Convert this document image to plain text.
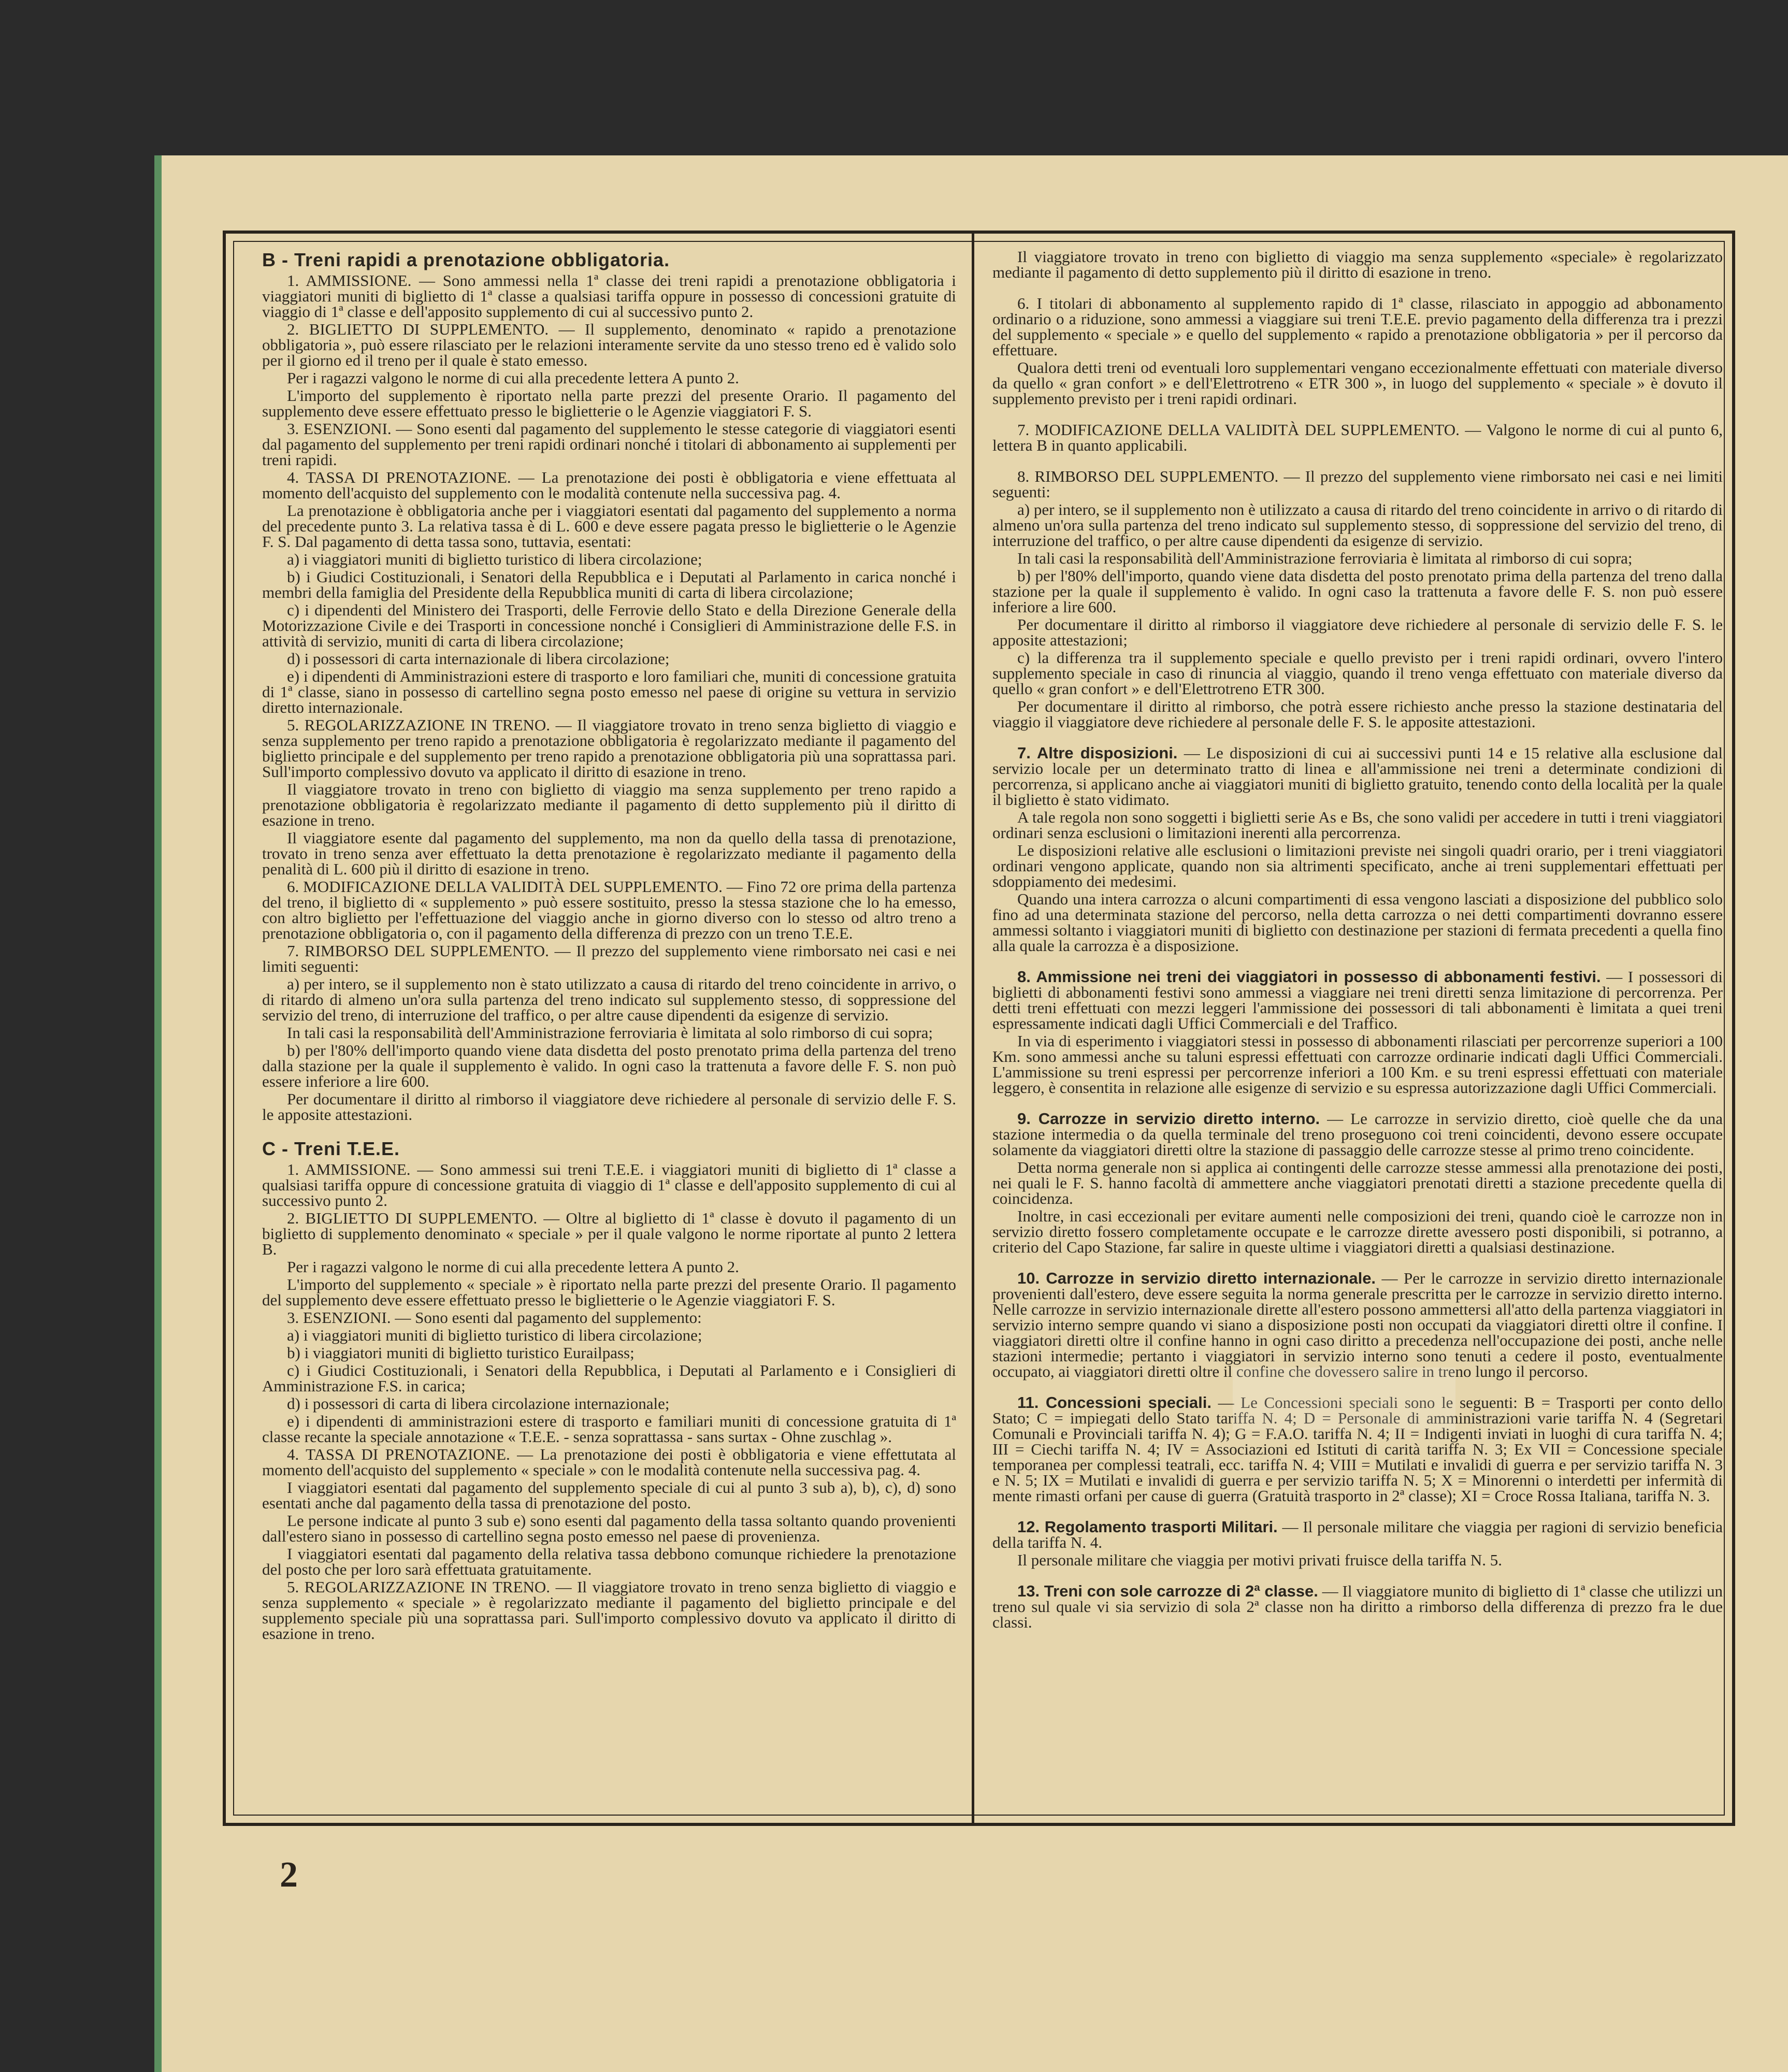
B - Treni rapidi a prenotazione obbligatoria.

1. AMMISSIONE. — Sono ammessi nella 1ª classe dei treni rapidi a prenotazione obbligatoria i viaggiatori muniti di biglietto di 1ª classe a qualsiasi tariffa oppure in possesso di concessioni gratuite di viaggio di 1ª classe e dell'apposito supplemento di cui al successivo punto 2.

2. BIGLIETTO DI SUPPLEMENTO. — Il supplemento, denominato « rapido a prenotazione obbligatoria », può essere rilasciato per le relazioni interamente servite da uno stesso treno ed è valido solo per il giorno ed il treno per il quale è stato emesso.

Per i ragazzi valgono le norme di cui alla precedente lettera A punto 2.

L'importo del supplemento è riportato nella parte prezzi del presente Orario. Il pagamento del supplemento deve essere effettuato presso le biglietterie o le Agenzie viaggiatori F. S.

3. ESENZIONI. — Sono esenti dal pagamento del supplemento le stesse categorie di viaggiatori esenti dal pagamento del supplemento per treni rapidi ordinari nonché i titolari di abbonamento ai supplementi per treni rapidi.

4. TASSA DI PRENOTAZIONE. — La prenotazione dei posti è obbligatoria e viene effettuata al momento dell'acquisto del supplemento con le modalità contenute nella successiva pag. 4.

La prenotazione è obbligatoria anche per i viaggiatori esentati dal pagamento del supplemento a norma del precedente punto 3. La relativa tassa è di L. 600 e deve essere pagata presso le biglietterie o le Agenzie F. S. Dal pagamento di detta tassa sono, tuttavia, esentati:

a) i viaggiatori muniti di biglietto turistico di libera circolazione;

b) i Giudici Costituzionali, i Senatori della Repubblica e i Deputati al Parlamento in carica nonché i membri della famiglia del Presidente della Repubblica muniti di carta di libera circolazione;

c) i dipendenti del Ministero dei Trasporti, delle Ferrovie dello Stato e della Direzione Generale della Motorizzazione Civile e dei Trasporti in concessione nonché i Consiglieri di Amministrazione delle F.S. in attività di servizio, muniti di carta di libera circolazione;

d) i possessori di carta internazionale di libera circolazione;

e) i dipendenti di Amministrazioni estere di trasporto e loro familiari che, muniti di concessione gratuita di 1ª classe, siano in possesso di cartellino segna posto emesso nel paese di origine su vettura in servizio diretto internazionale.

5. REGOLARIZZAZIONE IN TRENO. — Il viaggiatore trovato in treno senza biglietto di viaggio e senza supplemento per treno rapido a prenotazione obbligatoria è regolarizzato mediante il pagamento del biglietto principale e del supplemento per treno rapido a prenotazione obbligatoria più una soprattassa pari. Sull'importo complessivo dovuto va applicato il diritto di esazione in treno.

Il viaggiatore trovato in treno con biglietto di viaggio ma senza supplemento per treno rapido a prenotazione obbligatoria è regolarizzato mediante il pagamento di detto supplemento più il diritto di esazione in treno.

Il viaggiatore esente dal pagamento del supplemento, ma non da quello della tassa di prenotazione, trovato in treno senza aver effettuato la detta prenotazione è regolarizzato mediante il pagamento della penalità di L. 600 più il diritto di esazione in treno.

6. MODIFICAZIONE DELLA VALIDITÀ DEL SUPPLEMENTO. — Fino 72 ore prima della partenza del treno, il biglietto di « supplemento » può essere sostituito, presso la stessa stazione che lo ha emesso, con altro biglietto per l'effettuazione del viaggio anche in giorno diverso con lo stesso od altro treno a prenotazione obbligatoria o, con il pagamento della differenza di prezzo con un treno T.E.E.

7. RIMBORSO DEL SUPPLEMENTO. — Il prezzo del supplemento viene rimborsato nei casi e nei limiti seguenti:

a) per intero, se il supplemento non è stato utilizzato a causa di ritardo del treno coincidente in arrivo, o di ritardo di almeno un'ora sulla partenza del treno indicato sul supplemento stesso, di soppressione del servizio del treno, di interruzione del traffico, o per altre cause dipendenti da esigenze di servizio.

In tali casi la responsabilità dell'Amministrazione ferroviaria è limitata al solo rimborso di cui sopra;

b) per l'80% dell'importo quando viene data disdetta del posto prenotato prima della partenza del treno dalla stazione per la quale il supplemento è valido. In ogni caso la trattenuta a favore delle F. S. non può essere inferiore a lire 600.

Per documentare il diritto al rimborso il viaggiatore deve richiedere al personale di servizio delle F. S. le apposite attestazioni.

C - Treni T.E.E.

1. AMMISSIONE. — Sono ammessi sui treni T.E.E. i viaggiatori muniti di biglietto di 1ª classe a qualsiasi tariffa oppure di concessione gratuita di viaggio di 1ª classe e dell'apposito supplemento di cui al successivo punto 2.

2. BIGLIETTO DI SUPPLEMENTO. — Oltre al biglietto di 1ª classe è dovuto il pagamento di un biglietto di supplemento denominato « speciale » per il quale valgono le norme riportate al punto 2 lettera B.

Per i ragazzi valgono le norme di cui alla precedente lettera A punto 2.

L'importo del supplemento « speciale » è riportato nella parte prezzi del presente Orario. Il pagamento del supplemento deve essere effettuato presso le biglietterie o le Agenzie viaggiatori F. S.

3. ESENZIONI. — Sono esenti dal pagamento del supplemento:

a) i viaggiatori muniti di biglietto turistico di libera circolazione;

b) i viaggiatori muniti di biglietto turistico Eurailpass;

c) i Giudici Costituzionali, i Senatori della Repubblica, i Deputati al Parlamento e i Consiglieri di Amministrazione F.S. in carica;

d) i possessori di carta di libera circolazione internazionale;

e) i dipendenti di amministrazioni estere di trasporto e familiari muniti di concessione gratuita di 1ª classe recante la speciale annotazione « T.E.E. - senza soprattassa - sans surtax - Ohne zuschlag ».

4. TASSA DI PRENOTAZIONE. — La prenotazione dei posti è obbligatoria e viene effettutata al momento dell'acquisto del supplemento « speciale » con le modalità contenute nella successiva pag. 4.

I viaggiatori esentati dal pagamento del supplemento speciale di cui al punto 3 sub a), b), c), d) sono esentati anche dal pagamento della tassa di prenotazione del posto.

Le persone indicate al punto 3 sub e) sono esenti dal pagamento della tassa soltanto quando provenienti dall'estero siano in possesso di cartellino segna posto emesso nel paese di provenienza.

I viaggiatori esentati dal pagamento della relativa tassa debbono comunque richiedere la prenotazione del posto che per loro sarà effettuata gratuitamente.

5. REGOLARIZZAZIONE IN TRENO. — Il viaggiatore trovato in treno senza biglietto di viaggio e senza supplemento « speciale » è regolarizzato mediante il pagamento del biglietto principale e del supplemento speciale più una soprattassa pari. Sull'importo complessivo dovuto va applicato il diritto di esazione in treno.

Il viaggiatore trovato in treno con biglietto di viaggio ma senza supplemento «speciale» è regolarizzato mediante il pagamento di detto supplemento più il diritto di esazione in treno.

6. I titolari di abbonamento al supplemento rapido di 1ª classe, rilasciato in appoggio ad abbonamento ordinario o a riduzione, sono ammessi a viaggiare sui treni T.E.E. previo pagamento della differenza tra i prezzi del supplemento « speciale » e quello del supplemento « rapido a prenotazione obbligatoria » per il percorso da effettuare.

Qualora detti treni od eventuali loro supplementari vengano eccezionalmente effettuati con materiale diverso da quello « gran confort » e dell'Elettrotreno « ETR 300 », in luogo del supplemento « speciale » è dovuto il supplemento previsto per i treni rapidi ordinari.

7. MODIFICAZIONE DELLA VALIDITÀ DEL SUPPLEMENTO. — Valgono le norme di cui al punto 6, lettera B in quanto applicabili.

8. RIMBORSO DEL SUPPLEMENTO. — Il prezzo del supplemento viene rimborsato nei casi e nei limiti seguenti:

a) per intero, se il supplemento non è utilizzato a causa di ritardo del treno coincidente in arrivo o di ritardo di almeno un'ora sulla partenza del treno indicato sul supplemento stesso, di soppressione del servizio del treno, di interruzione del traffico, o per altre cause dipendenti da esigenze di servizio.

In tali casi la responsabilità dell'Amministrazione ferroviaria è limitata al rimborso di cui sopra;

b) per l'80% dell'importo, quando viene data disdetta del posto prenotato prima della partenza del treno dalla stazione per la quale il supplemento è valido. In ogni caso la trattenuta a favore delle F. S. non può essere inferiore a lire 600.

Per documentare il diritto al rimborso il viaggiatore deve richiedere al personale di servizio delle F. S. le apposite attestazioni;

c) la differenza tra il supplemento speciale e quello previsto per i treni rapidi ordinari, ovvero l'intero supplemento speciale in caso di rinuncia al viaggio, quando il treno venga effettuato con materiale diverso da quello « gran confort » e dell'Elettrotreno ETR 300.

Per documentare il diritto al rimborso, che potrà essere richiesto anche presso la stazione destinataria del viaggio il viaggiatore deve richiedere al personale delle F. S. le apposite attestazioni.

7. Altre disposizioni. — Le disposizioni di cui ai successivi punti 14 e 15 relative alla esclusione dal servizio locale per un determinato tratto di linea e all'ammissione nei treni a determinate condizioni di percorrenza, si applicano anche ai viaggiatori muniti di biglietto gratuito, tenendo conto della località per la quale il biglietto è stato vidimato.

A tale regola non sono soggetti i biglietti serie As e Bs, che sono validi per accedere in tutti i treni viaggiatori ordinari senza esclusioni o limitazioni inerenti alla percorrenza.

Le disposizioni relative alle esclusioni o limitazioni previste nei singoli quadri orario, per i treni viaggiatori ordinari vengono applicate, quando non sia altrimenti specificato, anche ai treni supplementari effettuati per sdoppiamento dei medesimi.

Quando una intera carrozza o alcuni compartimenti di essa vengono lasciati a disposizione del pubblico solo fino ad una determinata stazione del percorso, nella detta carrozza o nei detti compartimenti dovranno essere ammessi soltanto i viaggiatori muniti di biglietto con destinazione per stazioni di fermata precedenti a quella fino alla quale la carrozza è a disposizione.

8. Ammissione nei treni dei viaggiatori in possesso di abbonamenti festivi. — I possessori di biglietti di abbonamenti festivi sono ammessi a viaggiare nei treni diretti senza limitazione di percorrenza. Per detti treni effettuati con mezzi leggeri l'ammissione dei possessori di tali abbonamenti è limitata a quei treni espressamente indicati dagli Uffici Commerciali e del Traffico.

In via di esperimento i viaggiatori stessi in possesso di abbonamenti rilasciati per percorrenze superiori a 100 Km. sono ammessi anche su taluni espressi effettuati con carrozze ordinarie indicati dagli Uffici Commerciali. L'ammissione su treni espressi per percorrenze inferiori a 100 Km. e su treni espressi effettuati con materiale leggero, è consentita in relazione alle esigenze di servizio e su espressa autorizzazione dagli Uffici Commerciali.

9. Carrozze in servizio diretto interno. — Le carrozze in servizio diretto, cioè quelle che da una stazione intermedia o da quella terminale del treno proseguono coi treni coincidenti, devono essere occupate solamente da viaggiatori diretti oltre la stazione di passaggio delle carrozze stesse al primo treno coincidente.

Detta norma generale non si applica ai contingenti delle carrozze stesse ammessi alla prenotazione dei posti, nei quali le F. S. hanno facoltà di ammettere anche viaggiatori prenotati diretti a stazione precedente quella di coincidenza.

Inoltre, in casi eccezionali per evitare aumenti nelle composizioni dei treni, quando cioè le carrozze non in servizio diretto fossero completamente occupate e le carrozze dirette avessero posti disponibili, si potranno, a criterio del Capo Stazione, far salire in queste ultime i viaggiatori diretti a qualsiasi destinazione.

10. Carrozze in servizio diretto internazionale. — Per le carrozze in servizio diretto internazionale provenienti dall'estero, deve essere seguita la norma generale prescritta per le carrozze in servizio diretto interno. Nelle carrozze in servizio internazionale dirette all'estero possono ammettersi all'atto della partenza viaggiatori in servizio interno sempre quando vi siano a disposizione posti non occupati da viaggiatori diretti oltre il confine. I viaggiatori diretti oltre il confine hanno in ogni caso diritto a precedenza nell'occupazione dei posti, anche nelle stazioni intermedie; pertanto i viaggiatori in servizio interno sono tenuti a cedere il posto, eventualmente occupato, ai viaggiatori diretti oltre il confine che dovessero salire in treno lungo il percorso.

11. Concessioni speciali. — Le Concessioni speciali sono le seguenti: B = Trasporti per conto dello Stato; C = impiegati dello Stato tariffa N. 4; D = Personale di amministrazioni varie tariffa N. 4 (Segretari Comunali e Provinciali tariffa N. 4); G = F.A.O. tariffa N. 4; II = Indigenti inviati in luoghi di cura tariffa N. 4; III = Ciechi tariffa N. 4; IV = Associazioni ed Istituti di carità tariffa N. 3; Ex VII = Concessione speciale temporanea per complessi teatrali, ecc. tariffa N. 4; VIII = Mutilati e invalidi di guerra e per servizio tariffa N. 3 e N. 5; IX = Mutilati e invalidi di guerra e per servizio tariffa N. 5; X = Minorenni o interdetti per infermità di mente rimasti orfani per cause di guerra (Gratuità trasporto in 2ª classe); XI = Croce Rossa Italiana, tariffa N. 3.

12. Regolamento trasporti Militari. — Il personale militare che viaggia per ragioni di servizio beneficia della tariffa N. 4.

Il personale militare che viaggia per motivi privati fruisce della tariffa N. 5.

13. Treni con sole carrozze di 2ª classe. — Il viaggiatore munito di biglietto di 1ª classe che utilizzi un treno sul quale vi sia servizio di sola 2ª classe non ha diritto a rimborso della differenza di prezzo fra le due classi.

2
